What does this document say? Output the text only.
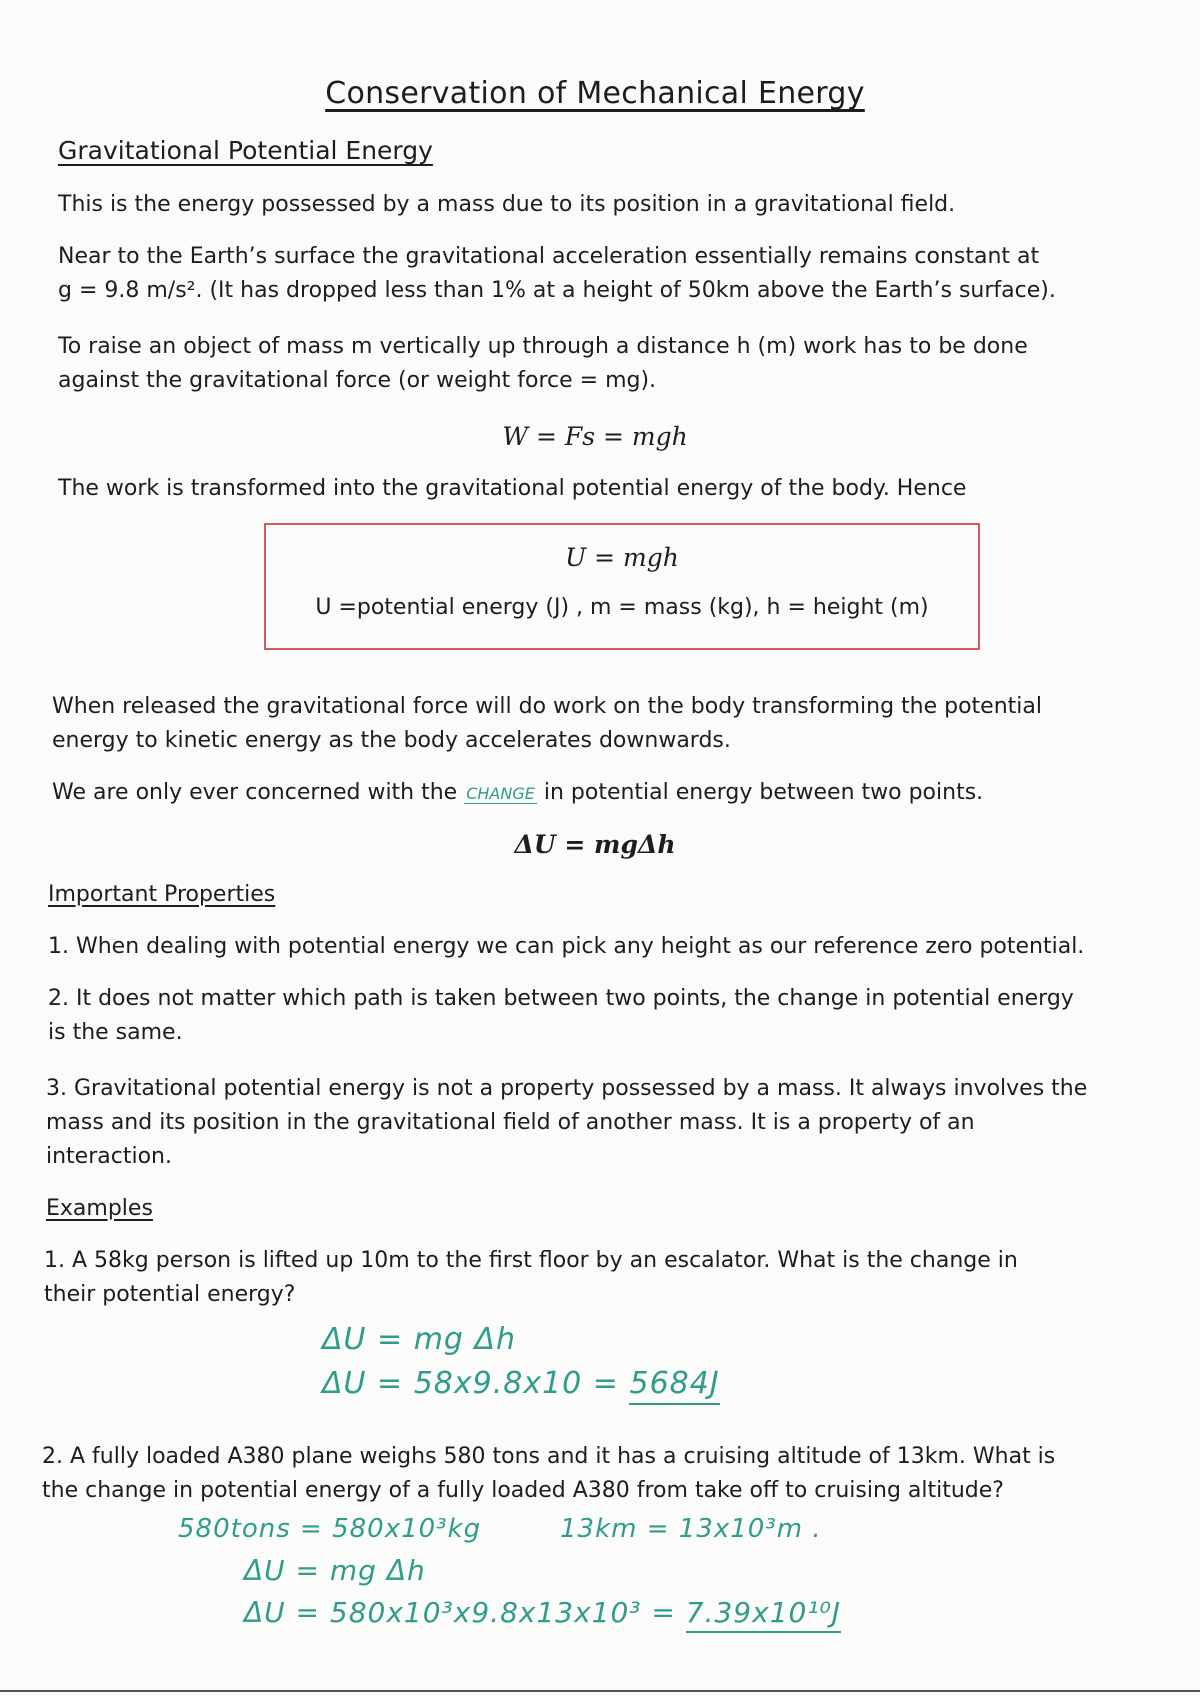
Conservation of Mechanical Energy
Gravitational Potential Energy
This is the energy possessed by a mass due to its position in a gravitational field.
Near to the Earth’s surface the gravitational acceleration essentially remains constant at
g = 9.8 m/s². (It has dropped less than 1% at a height of 50km above the Earth’s surface).
To raise an object of mass m vertically up through a distance h (m) work has to be done
against the gravitational force (or weight force = mg).
W = Fs = mgh
The work is transformed into the gravitational potential energy of the body. Hence
U = mgh
U =potential energy (J) , m = mass (kg), h = height (m)
When released the gravitational force will do work on the body transforming the potential
energy to kinetic energy as the body accelerates downwards.
We are only ever concerned with the CHANGE in potential energy between two points.
ΔU = mgΔh
Important Properties
1. When dealing with potential energy we can pick any height as our reference zero potential.
2. It does not matter which path is taken between two points, the change in potential energy
is the same.
3. Gravitational potential energy is not a property possessed by a mass. It always involves the
mass and its position in the gravitational field of another mass. It is a property of an
interaction.
Examples
1. A 58kg person is lifted up 10m to the first floor by an escalator. What is the change in
their potential energy?
ΔU = mg Δh
ΔU = 58x9.8x10 = 5684J
2. A fully loaded A380 plane weighs 580 tons and it has a cruising altitude of 13km. What is
the change in potential energy of a fully loaded A380 from take off to cruising altitude?
580tons = 580x10³kg	13km = 13x10³m .
ΔU = mg Δh
ΔU = 580x10³x9.8x13x10³ = 7.39x10¹⁰J
